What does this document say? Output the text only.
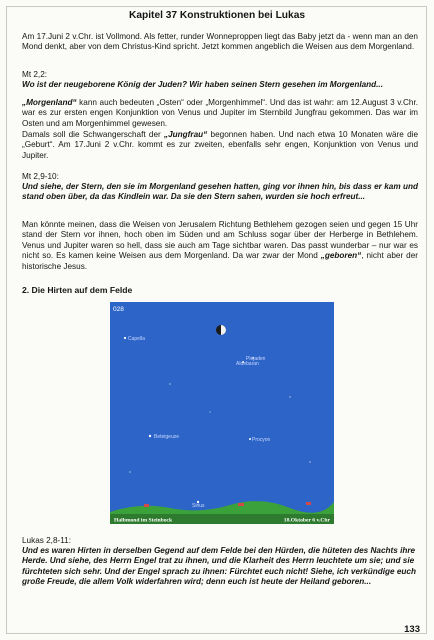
Kapitel 37 Konstruktionen bei Lukas
Am 17.Juni 2 v.Chr. ist Vollmond. Als fetter, runder Wonneproppen liegt das Baby jetzt da - wenn man an den Mond denkt, aber von dem Christus-Kind spricht. Jetzt kommen angeblich die Weisen aus dem Morgenland.
Mt 2,2:
Wo ist der neugeborene König der Juden? Wir haben seinen Stern gesehen im Morgenland...
„Morgenland“ kann auch bedeuten „Osten“ oder „Morgenhimmel“. Und das ist wahr: am 12.August 3 v.Chr. war es zur ersten engen Konjunktion von Venus und Jupiter im Sternbild Jungfrau gekommen. Das war im Osten und am Morgenhimmel gewesen.
Damals soll die Schwangerschaft der „Jungfrau“ begonnen haben. Und nach etwa 10 Monaten wäre die „Geburt“. Am 17.Juni 2 v.Chr. kommt es zur zweiten, ebenfalls sehr engen, Konjunktion von Venus und Jupiter.
Mt 2,9-10:
Und siehe, der Stern, den sie im Morgenland gesehen hatten, ging vor ihnen hin, bis dass er kam und stand oben über, da das Kindlein war. Da sie den Stern sahen, wurden sie hoch erfreut...
Man könnte meinen, dass die Weisen von Jerusalem Richtung Bethlehem gezogen seien und gegen 15 Uhr stand der Stern vor ihnen, hoch oben im Süden und am Schluss sogar über der Herberge in Bethlehem. Venus und Jupiter waren so hell, dass sie auch am Tage sichtbar waren. Das passt wunderbar – nur war es nicht so. Es kamen keine Weisen aus dem Morgenland. Da war zwar der Mond „geboren“, nicht aber der historische Jesus.
2. Die Hirten auf dem Felde
028
Capella
Aldebaran
Plejaden
Beteigeuze	Procyon
Sirius
Halbmond im Steinbock	18.Oktober 6 v.Chr
Lukas 2,8-11:
Und es waren Hirten in derselben Gegend auf dem Felde bei den Hürden, die hüteten des Nachts ihre Herde. Und siehe, des Herrn Engel trat zu ihnen, und die Klarheit des Herrn leuchtete um sie; und sie fürchteten sich sehr. Und der Engel sprach zu ihnen: Fürchtet euch nicht! Siehe, ich verkündige euch große Freude, die allem Volk widerfahren wird; denn euch ist heute der Heiland geboren...
133
